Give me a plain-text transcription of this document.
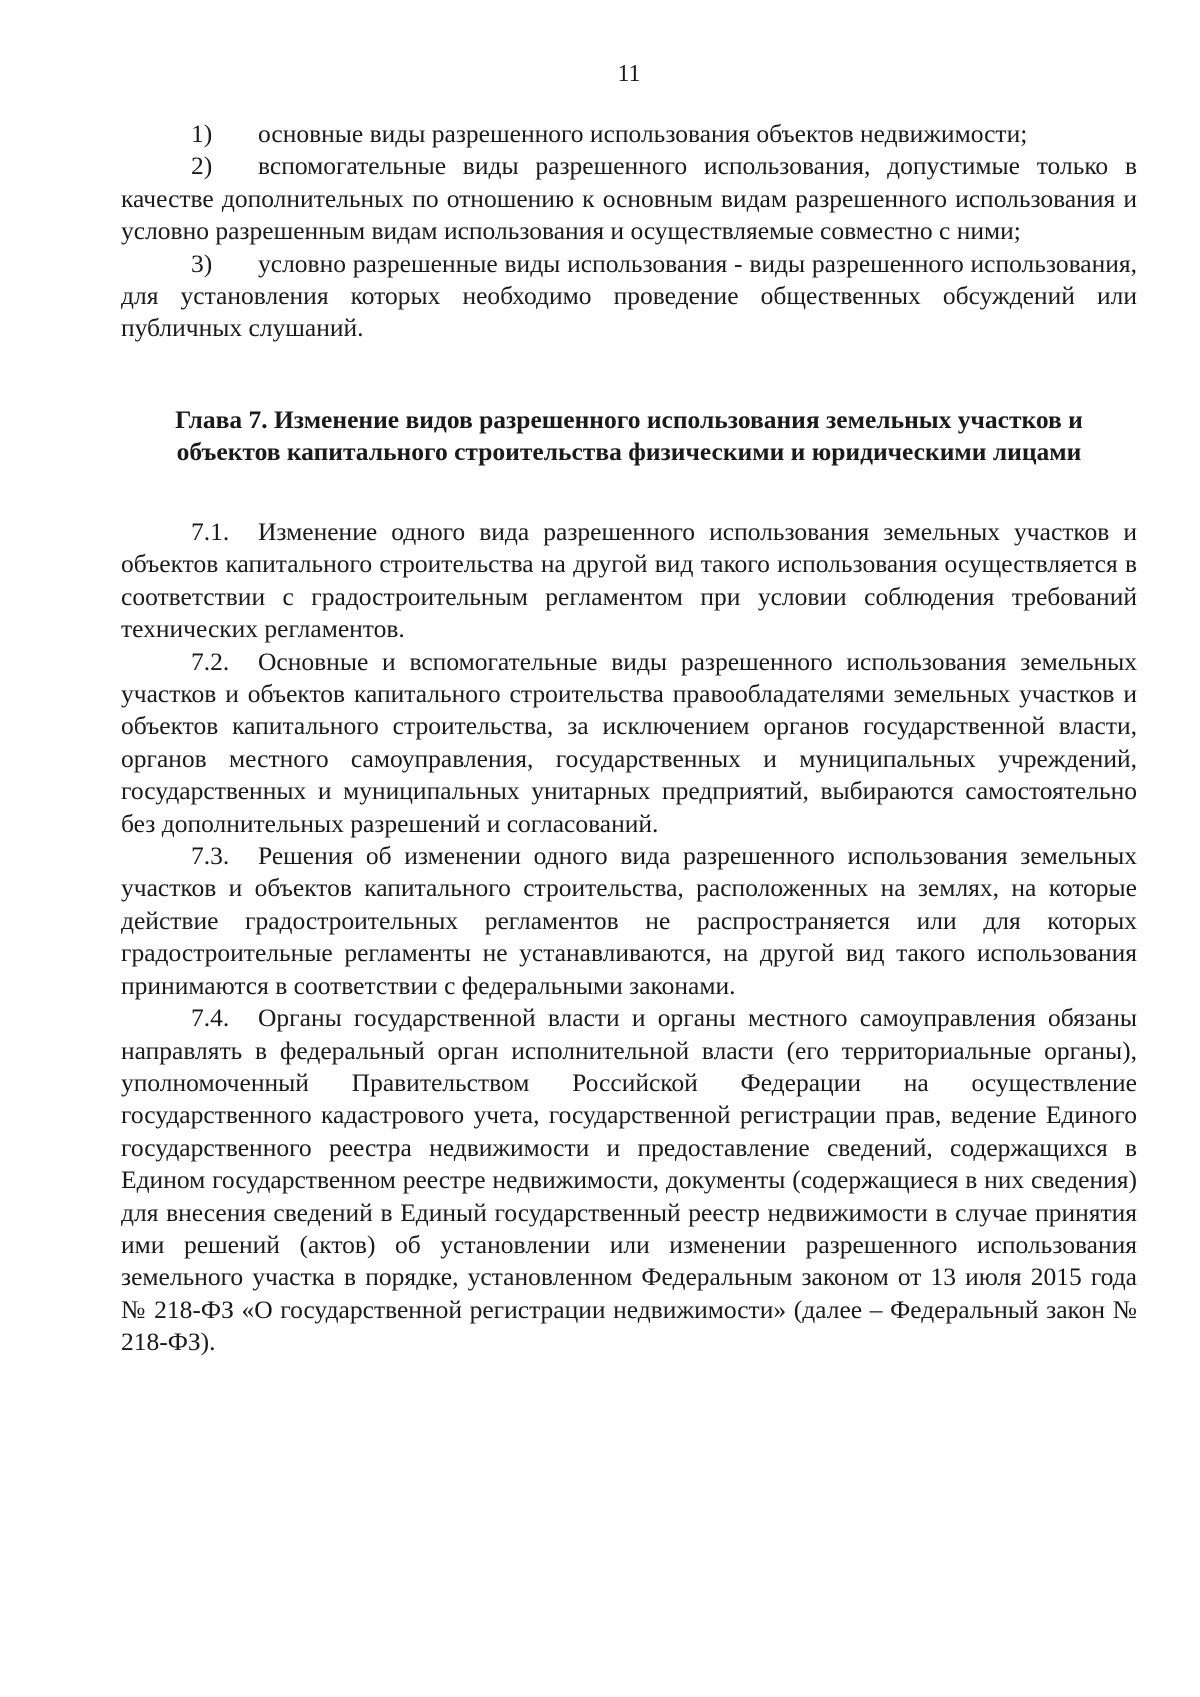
11

1) основные виды разрешенного использования объектов недвижимости;

2) вспомогательные виды разрешенного использования, допустимые только в качестве дополнительных по отношению к основным видам разрешенного использования и условно разрешенным видам использования и осуществляемые совместно с ними;

3) условно разрешенные виды использования - виды разрешенного использования, для установления которых необходимо проведение общественных обсуждений или публичных слушаний.

Глава 7. Изменение видов разрешенного использования земельных участков и объектов капитального строительства физическими и юридическими лицами

7.1. Изменение одного вида разрешенного использования земельных участков и объектов капитального строительства на другой вид такого использования осуществляется в соответствии с градостроительным регламентом при условии соблюдения требований технических регламентов.

7.2. Основные и вспомогательные виды разрешенного использования земельных участков и объектов капитального строительства правообладателями земельных участков и объектов капитального строительства, за исключением органов государственной власти, органов местного самоуправления, государственных и муниципальных учреждений, государственных и муниципальных унитарных предприятий, выбираются самостоятельно без дополнительных разрешений и согласований.

7.3. Решения об изменении одного вида разрешенного использования земельных участков и объектов капитального строительства, расположенных на землях, на которые действие градостроительных регламентов не распространяется или для которых градостроительные регламенты не устанавливаются, на другой вид такого использования принимаются в соответствии с федеральными законами.

7.4. Органы государственной власти и органы местного самоуправления обязаны направлять в федеральный орган исполнительной власти (его территориальные органы), уполномоченный Правительством Российской Федерации на осуществление государственного кадастрового учета, государственной регистрации прав, ведение Единого государственного реестра недвижимости и предоставление сведений, содержащихся в Едином государственном реестре недвижимости, документы (содержащиеся в них сведения) для внесения сведений в Единый государственный реестр недвижимости в случае принятия ими решений (актов) об установлении или изменении разрешенного использования земельного участка в порядке, установленном Федеральным законом от 13 июля 2015 года № 218-ФЗ «О государственной регистрации недвижимости» (далее – Федеральный закон № 218-ФЗ).
